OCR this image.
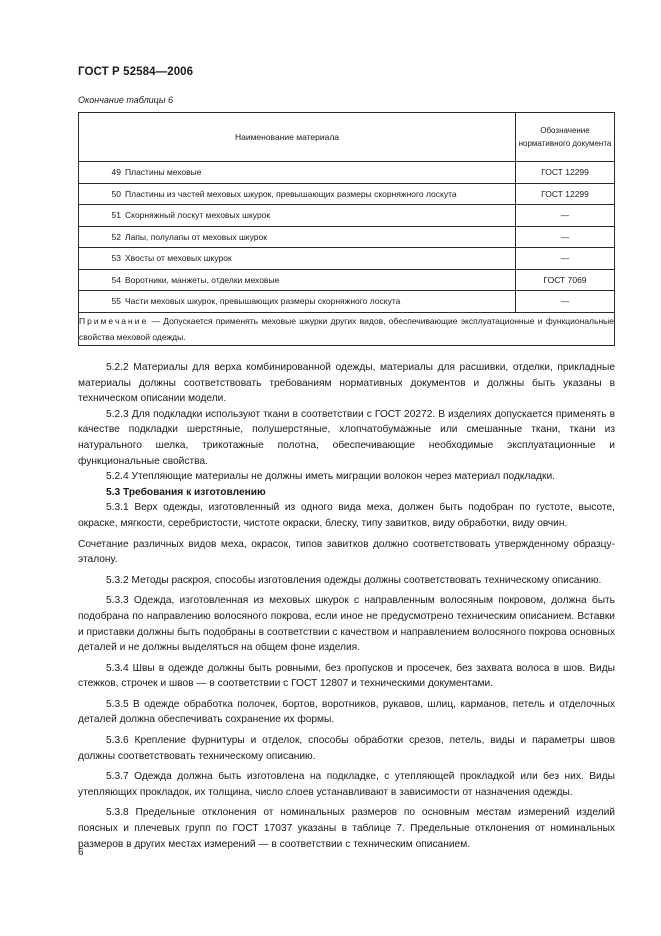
ГОСТ Р 52584—2006
Окончание таблицы 6
Наименование материала	Обозначение нормативного документа
49 Пластины меховые	ГОСТ 12299
50 Пластины из частей меховых шкурок, превышающих размеры скорняжного лоскута	ГОСТ 12299
51 Скорняжный лоскут меховых шкурок	—
52 Лапы, полулапы от меховых шкурок	—
53 Хвосты от меховых шкурок	—
54 Воротники, манжеты, отделки меховые	ГОСТ 7069
55 Части меховых шкурок, превышающих размеры скорняжного лоскута	—
Примечание — Допускается применять меховые шкурки других видов, обеспечивающие эксплуатационные и функциональные свойства меховой одежды.	

5.2.2 Материалы для верха комбинированной одежды, материалы для расшивки, отделки, прикладные материалы должны соответствовать требованиям нормативных документов и должны быть указаны в техническом описании модели.

5.2.3 Для подкладки используют ткани в соответствии с ГОСТ 20272. В изделиях допускается применять в качестве подкладки шерстяные, полушерстяные, хлопчатобумажные или смешанные ткани, ткани из натурального шелка, трикотажные полотна, обеспечивающие необходимые эксплуатационные и функциональные свойства.

5.2.4 Утепляющие материалы не должны иметь миграции волокон через материал подкладки.

5.3 Требования к изготовлению

5.3.1 Верх одежды, изготовленный из одного вида меха, должен быть подобран по густоте, высоте, окраске, мягкости, серебристости, чистоте окраски, блеску, типу завитков, виду обработки, виду овчин.

Сочетание различных видов меха, окрасок, типов завитков должно соответствовать утвержденному образцу-эталону.

5.3.2 Методы раскроя, способы изготовления одежды должны соответствовать техническому описанию.

5.3.3 Одежда, изготовленная из меховых шкурок с направленным волосяным покровом, должна быть подобрана по направлению волосяного покрова, если иное не предусмотрено техническим описанием. Вставки и приставки должны быть подобраны в соответствии с качеством и направлением волосяного покрова основных деталей и не должны выделяться на общем фоне изделия.

5.3.4 Швы в одежде должны быть ровными, без пропусков и просечек, без захвата волоса в шов. Виды стежков, строчек и швов — в соответствии с ГОСТ 12807 и техническими документами.

5.3.5 В одежде обработка полочек, бортов, воротников, рукавов, шлиц, карманов, петель и отделочных деталей должна обеспечивать сохранение их формы.

5.3.6 Крепление фурнитуры и отделок, способы обработки срезов, петель, виды и параметры швов должны соответствовать техническому описанию.

5.3.7 Одежда должна быть изготовлена на подкладке, с утепляющей прокладкой или без них. Виды утепляющих прокладок, их толщина, число слоев устанавливают в зависимости от назначения одежды.

5.3.8 Предельные отклонения от номинальных размеров по основным местам измерений изделий поясных и плечевых групп по ГОСТ 17037 указаны в таблице 7. Предельные отклонения от номинальных размеров в других местах измерений — в соответствии с техническим описанием.

6
